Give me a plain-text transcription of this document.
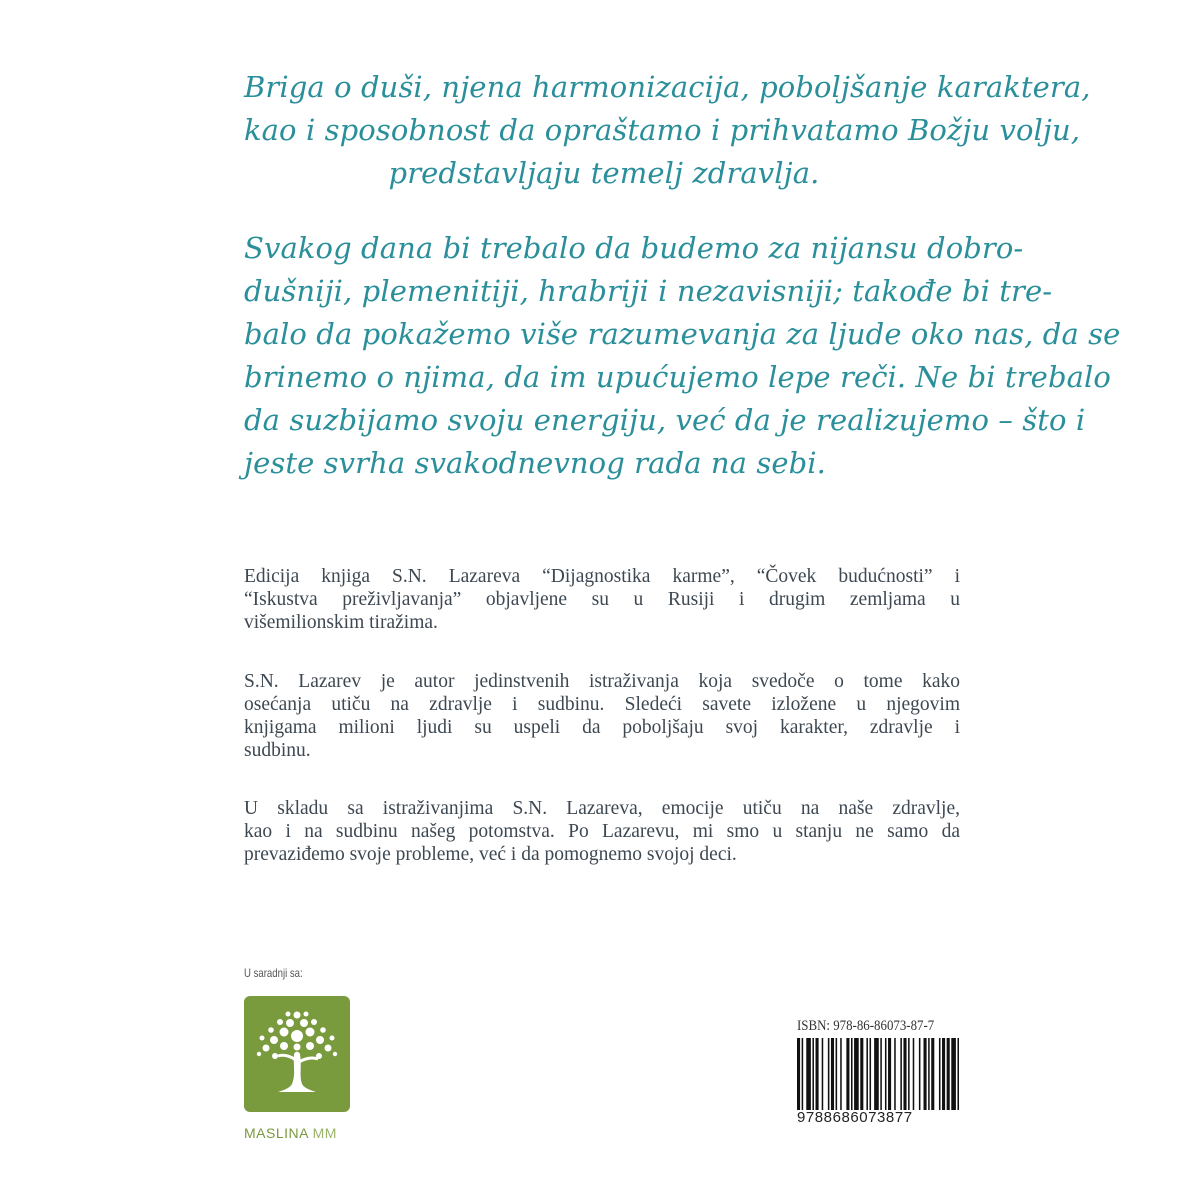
Briga o duši, njena harmonizacija, poboljšanje karaktera,
kao i sposobnost da opraštamo i prihvatamo Božju volju,
predstavljaju temelj zdravlja.
Svakog dana bi trebalo da budemo za nijansu dobro-
dušniji, plemenitiji, hrabriji i nezavisniji; takođe bi tre-
balo da pokažemo više razumevanja za ljude oko nas, da se
brinemo o njima, da im upućujemo lepe reči. Ne bi trebalo
da suzbijamo svoju energiju, već da je realizujemo – što i
jeste svrha svakodnevnog rada na sebi.
Edicija knjiga S.N. Lazareva “Dijagnostika karme”, “Čovek budućnosti” i
“Iskustva preživljavanja” objavljene su u Rusiji i drugim zemljama u
višemilionskim tiražima.
S.N. Lazarev je autor jedinstvenih istraživanja koja svedoče o tome kako
osećanja utiču na zdravlje i sudbinu. Sledeći savete izložene u njegovim
knjigama milioni ljudi su uspeli da poboljšaju svoj karakter, zdravlje i
sudbinu.
U skladu sa istraživanjima S.N. Lazareva, emocije utiču na naše zdravlje,
kao i na sudbinu našeg potomstva. Po Lazarevu, mi smo u stanju ne samo da
prevaziđemo svoje probleme, već i da pomognemo svojoj deci.
U saradnji sa:
MASLINA MM
ISBN: 978-86-86073-87-7
9788686073877
